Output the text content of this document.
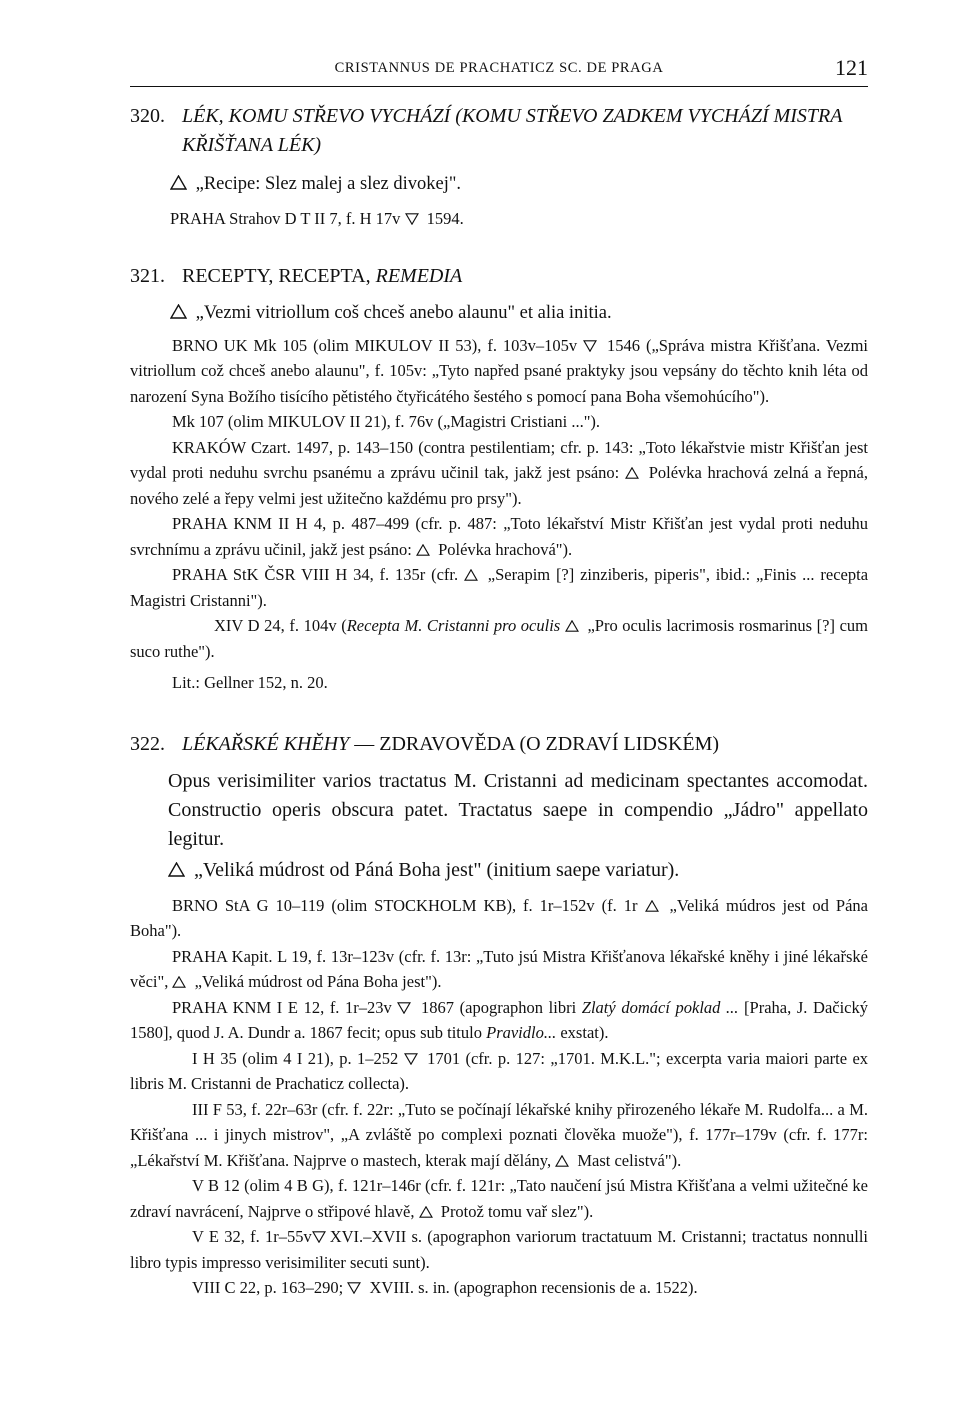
CRISTANNUS DE PRACHATICZ SC. DE PRAGA	121
320. LÉK, KOMU STŘEVO VYCHÁZÍ (KOMU STŘEVO ZADKEM VYCHÁZÍ MISTRA KŘIŠŤANA LÉK)
„Recipe: Slez malej a slez divokej".
PRAHA Strahov D T II 7, f. H 17v 1594.
321. RECEPTY, RECEPTA, REMEDIA
„Vezmi vitriollum coš chceš anebo alaunu" et alia initia.
BRNO UK Mk 105 (olim MIKULOV II 53), f. 103v–105v 1546 („Správa mistra Křišťana. Vezmi vitriollum což chceš anebo alaunu", f. 105v: „Tyto napřed psané praktyky jsou vepsány do těchto knih léta od narození Syna Božího tisícího pětistého čtyřicátého šestého s pomocí pana Boha všemohúcího").
Mk 107 (olim MIKULOV II 21), f. 76v („Magistri Cristiani ...").
KRAKÓW Czart. 1497, p. 143–150 (contra pestilentiam; cfr. p. 143: „Toto lékařstvie mistr Křišťan jest vydal proti neduhu svrchu psanému a zprávu učinil tak, jakž jest psáno: Polévka hrachová zelná a řepná, nového zelé a řepy velmi jest užitečno každému pro prsy").
PRAHA KNM II H 4, p. 487–499 (cfr. p. 487: „Toto lékařství Mistr Křišťan jest vydal proti neduhu svrchnímu a zprávu učinil, jakž jest psáno: Polévka hrachová").
PRAHA StK ČSR VIII H 34, f. 135r (cfr. „Serapim [?] zinziberis, piperis", ibid.: „Finis ... recepta Magistri Cristanni").
XIV D 24, f. 104v (Recepta M. Cristanni pro oculis „Pro oculis lacrimosis rosmarinus [?] cum suco ruthe").
Lit.: Gellner 152, n. 20.
322. LÉKAŘSKÉ KHĚHY — ZDRAVOVĚDA (O ZDRAVÍ LIDSKÉM)
Opus verisimiliter varios tractatus M. Cristanni ad medicinam spectantes accomodat. Constructio operis obscura patet. Tractatus saepe in compendio „Jádro" appellato legitur.
„Veliká múdrost od Páná Boha jest" (initium saepe variatur).
BRNO StA G 10–119 (olim STOCKHOLM KB), f. 1r–152v (f. 1r „Veliká múdros jest od Pána Boha").
PRAHA Kapit. L 19, f. 13r–123v (cfr. f. 13r: „Tuto jsú Mistra Křišťanova lékařské kněhy i jiné lékařské věci", „Veliká múdrost od Pána Boha jest").
PRAHA KNM I E 12, f. 1r–23v 1867 (apographon libri Zlatý domácí poklad ... [Praha, J. Dačický 1580], quod J. A. Dundr a. 1867 fecit; opus sub titulo Pravidlo... exstat).
I H 35 (olim 4 I 21), p. 1–252 1701 (cfr. p. 127: „1701. M.K.L."; excerpta varia maiori parte ex libris M. Cristanni de Prachaticz collecta).
III F 53, f. 22r–63r (cfr. f. 22r: „Tuto se počínají lékařské knihy přirozeného lékaře M. Rudolfa... a M. Křišťana ... i jinych mistrov", „A zvláště po complexi poznati člověka muože"), f. 177r–179v (cfr. f. 177r: „Lékařství M. Křišťana. Najprve o mastech, kterak mají dělány, Mast celistvá").
V B 12 (olim 4 B G), f. 121r–146r (cfr. f. 121r: „Tato naučení jsú Mistra Křišťana a velmi užitečné ke zdraví navrácení, Najprve o střipové hlavě, Protož tomu vař slez").
V E 32, f. 1r–55v XVI.–XVII s. (apographon variorum tractatuum M. Cristanni; tractatus nonnulli libro typis impresso verisimiliter secuti sunt).
VIII C 22, p. 163–290; XVIII. s. in. (apographon recensionis de a. 1522).
